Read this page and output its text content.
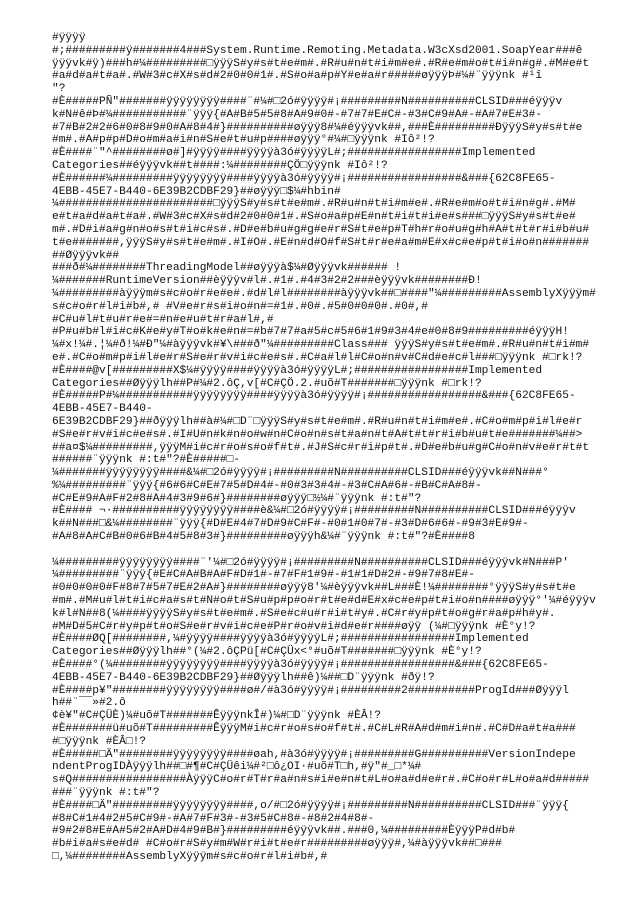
#ÿÿÿÿ
#;#########ÿ#######4###System.Runtime.Remoting.Metadata.W3cXsd2001.SoapYear###ê
ÿÿÿvk#ÿ)###h#¼#########□ÿÿÿS#y#s#t#e#m#.#R#u#n#t#i#m#e#.#R#e#m#o#t#i#n#g#.#M#e#t
#a#d#a#t#a#.#W#3#c#X#s#d#2#0#0#1#.#S#o#a#p#Y#e#a#r#####øÿÿÿÞ#¼#¨ÿÿÿnk #¹î
"?
#È#####PÑ"#######ÿÿÿÿÿÿÿÿ####¨#¼#□2ó#ÿÿÿÿ#¡#########N##########CLSID###éÿÿÿv
k#N#ê#Þ#¼###########¨ÿÿÿ{#A#B#5#5#8#A#9#0#-#7#7#E#C#-#3#C#9#A#-#A#7#E#3#-
#7#B#2#2#6#0#8#9#0#A#8#4#}##########øÿÿÿ8#¼#éÿÿÿvk##,###È#########ÐÿÿÿS#y#s#t#e
#m#.#A#p#p#D#o#m#a#i#n#S#e#t#u#p####øÿÿÿ°#¼#□ÿÿÿnk #Iô²!?
#È####¨"^########ø#]#ÿÿÿÿ####ÿÿÿÿà3ó#ÿÿÿÿL#;#################Implemented
Categories##éÿÿÿvk##t####:¼########ÇÖ□ÿÿÿnk #Iô²!?
#È######¼#########ÿÿÿÿÿÿÿÿ####ÿÿÿÿà3ó#ÿÿÿÿ#¡#################&###{62C8FE65-
4EBB-45E7-B440-6E39B2CDBF29}##øÿÿÿ□$¼#hbin#
¼#######################□ÿÿÿS#y#s#t#e#m#.#R#u#n#t#i#m#e#.#R#e#m#o#t#i#n#g#.#M#
e#t#a#d#a#t#a#.#W#3#c#X#s#d#2#0#0#1#.#S#o#a#p#E#n#t#i#t#i#e#s###□ÿÿÿS#y#s#t#e#
m#.#D#i#a#g#n#o#s#t#i#c#s#.#D#e#b#u#g#g#e#r#S#t#e#p#T#h#r#o#u#g#h#A#t#t#r#i#b#u#
t#e#######,ÿÿÿS#y#s#t#e#m#.#I#O#.#E#n#d#O#f#S#t#r#e#a#m#E#x#c#e#p#t#i#o#n#######
##Øÿÿÿvk##
###ð#¼########ThreadingModel##øÿÿÿà$¼#Øÿÿÿvk###### !
¼#######RuntimeVersion##èÿÿÿv#l#.#1#.#4#3#2#2###èÿÿÿvk########Ð!
¼#########àÿÿÿm#s#c#o#r#e#e#.#d#l#l########àÿÿÿvk##□####"¼#########AssemblyXÿÿÿm#
s#c#o#r#l#i#b#,# #V#e#r#s#i#o#n#=#1#.#0#.#5#0#0#0#.#0#,#
#C#u#l#t#u#r#e#=#n#e#u#t#r#a#l#,#
#P#u#b#l#i#c#K#e#y#T#o#k#e#n#=#b#7#7#a#5#c#5#6#1#9#3#4#e#0#8#9#########éÿÿÿH!
¼#x!¼#.¦¼#ð!¼#Ð"¼#àÿÿÿvk#¥\###ð"¼#########Class### ÿÿÿS#y#s#t#e#m#.#R#u#n#t#i#m#
e#.#C#o#m#p#i#l#e#r#S#e#r#v#i#c#e#s#.#C#a#l#l#C#o#n#v#C#d#e#c#l###□ÿÿÿnk #□rk!?
#È####@v[#########X$¼#ÿÿÿÿ####ÿÿÿÿà3ó#ÿÿÿÿL#;#################Implemented
Categories##Øÿÿÿlh##P#¼#2.ôÇ,v[#C#ÇÖ.2.#uõ#T#######□ÿÿÿnk #□rk!?
#È#####P#¼###########ÿÿÿÿÿÿÿÿ####ÿÿÿÿà3ó#ÿÿÿÿ#¡#################&###{62C8FE65-
4EBB-45E7-B440-
6E39B2CDBF29}##ðÿÿÿlh##à#¼#□D¨□ÿÿÿS#y#s#t#e#m#.#R#u#n#t#i#m#e#.#C#o#m#p#i#l#e#r
#S#e#r#v#i#c#e#s#.#I#U#n#k#n#o#w#n#C#o#n#s#t#a#n#t#A#t#t#r#i#b#u#t#e#######¼##>
##a¤$¼#########,ÿÿÿM#i#c#r#o#s#o#f#t#.#J#S#c#r#i#p#t#.#D#e#b#u#g#C#o#n#v#e#r#t#t
######¨ÿÿÿnk #:t#"?#È#####□-
¼#######ÿÿÿÿÿÿÿÿ####&¼#□2ó#ÿÿÿÿ#¡#########N##########CLSID###éÿÿÿvk##N###°
%¼#########¨ÿÿÿ{#6#6#C#E#7#5#D#4#-#0#3#3#4#-#3#C#A#6#-#B#C#A#8#-
#C#E#9#A#F#2#8#A#4#3#9#6#}########øÿÿÿ□½¼#¨ÿÿÿnk #:t#"?
#È#### ¬·##########ÿÿÿÿÿÿÿÿ####è&¼#□2ó#ÿÿÿÿ#¡#########N##########CLSID###éÿÿÿv
k##N###□&¼########¨ÿÿÿ{#D#E#4#7#D#9#C#F#-#0#1#0#7#-#3#D#6#6#-#9#3#E#9#-
#A#8#A#C#B#0#6#B#4#5#8#3#}#########øÿÿÿh&¼#¨ÿÿÿnk #:t#"?#È####8
¼#########ÿÿÿÿÿÿÿÿ####¨'¼#□2ó#ÿÿÿÿ#¡#########N##########CLSID###éÿÿÿvk#N###P'
¼#########¨ÿÿÿ{#E#C#A#B#A#F#D#1#-#7#F#1#9#-#1#1#D#2#-#9#7#8#E#-
#0#0#0#0#F#8#7#5#7#E#2#A#}########øÿÿÿ8'¼#èÿÿÿvk##L###È!¼########°ÿÿÿS#y#s#t#e
#m#.#M#u#l#t#i#c#a#s#t#N#o#t#S#u#p#p#o#r#t#e#d#E#x#c#e#p#t#i#o#n####øÿÿÿ°'¼#éÿÿÿv
k#l#N##8(¼####ÿÿÿÿS#y#s#t#e#m#.#S#e#c#u#r#i#t#y#.#C#r#y#p#t#o#g#r#a#p#h#y#.
#M#D#5#C#r#y#p#t#o#S#e#r#v#i#c#e#P#r#o#v#i#d#e#r####øÿÿ (¼#□ÿÿÿnk #È°y!?
#È####ØQ[########,¼#ÿÿÿÿ####ÿÿÿÿà3ó#ÿÿÿÿL#;#################Implemented
Categories##Øÿÿÿlh##°(¼#2.ôÇPü[#C#ÇÜx<°#uõ#T#######□ÿÿÿnk #È°y!?
#È####°(¼########ÿÿÿÿÿÿÿÿ####ÿÿÿÿà3ó#ÿÿÿÿ#¡#################&###{62C8FE65-
4EBB-45E7-B440-6E39B2CDBF29}##Øÿÿÿlh##ê)¼##□D¨ÿÿÿnk #ðÿ!?
#È####p¥"########ÿÿÿÿÿÿÿÿ####ø#/#à3ó#ÿÿÿÿ#¡#########2##########ProgId###Øÿÿÿl
h##¨¯¯»#2.ô
¢è¥"#C#ÇÜÈ)¼#uõ#T#######ÊÿÿÿnkÎ#)¼#□D¨ÿÿÿnk #ÈÂ!?
#È#######ü#uõ#T#########ÊÿÿÿM#i#c#r#o#s#o#f#t#.#C#L#R#A#d#m#i#n#.#C#D#a#t#a###
#□ÿÿÿnk #ÈÂ□!?
#È#####□Ä"########ÿÿÿÿÿÿÿÿ####øah,#à3ó#ÿÿÿÿ#¡#########G##########VersionIndepe
ndentProgIDÀÿÿÿlh##□#¶#C#ÇÜêi¼#²□ô¿OI·#uõ#T□h,#ÿ"#_□*¼#
s#Q#################ÀÿÿÿC#o#r#T#r#a#n#s#i#e#n#t#L#o#a#d#e#r#.#C#o#r#L#o#a#d#####
###¨ÿÿÿnk #:t#"?
#È####□Ä"#########ÿÿÿÿÿÿÿÿ####,o/#□2ó#ÿÿÿÿ#¡#########N##########CLSID###¨ÿÿÿ{
#8#C#1#4#2#5#C#9#-#A#7#F#3#-#3#5#C#8#-#8#2#4#8#-
#9#2#8#E#A#5#2#A#D#4#9#B#}#########éÿÿÿvk##.###0,¼#########ÈÿÿÿP#d#b#
#b#i#a#s#e#d# #C#o#r#S#y#m#W#r#i#t#e#r#########øÿÿÿ#,¼#àÿÿÿvk##□###
□,¼########AssemblyXÿÿÿm#s#c#o#r#l#i#b#,#
